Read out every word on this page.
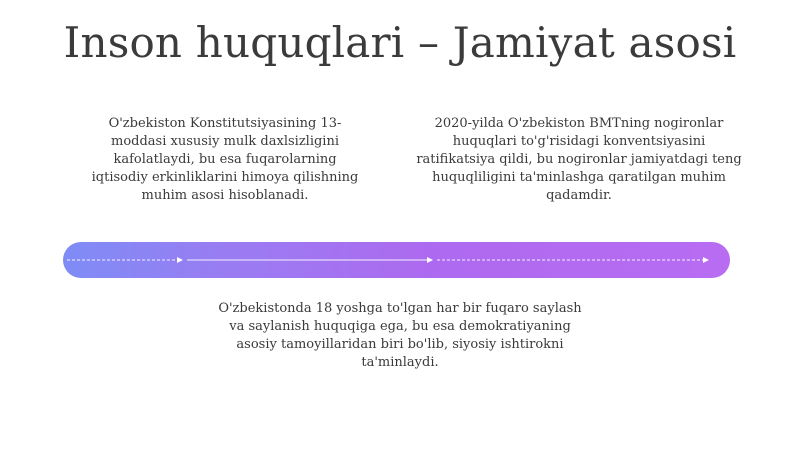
Inson huquqlari – Jamiyat asosi
O'zbekiston Konstitutsiyasining 13-moddasi xususiy mulk daxlsizligini kafolatlaydi, bu esa fuqarolarning iqtisodiy erkinliklarini himoya qilishning muhim asosi hisoblanadi.
2020-yilda O'zbekiston BMTning nogironlar huquqlari to'g'risidagi konventsiyasini ratifikatsiya qildi, bu nogironlar jamiyatdagi teng huquqliligini ta'minlashga qaratilgan muhim qadamdir.
O'zbekistonda 18 yoshga to'lgan har bir fuqaro saylash va saylanish huquqiga ega, bu esa demokratiyaning asosiy tamoyillaridan biri bo'lib, siyosiy ishtirokni ta'minlaydi.
